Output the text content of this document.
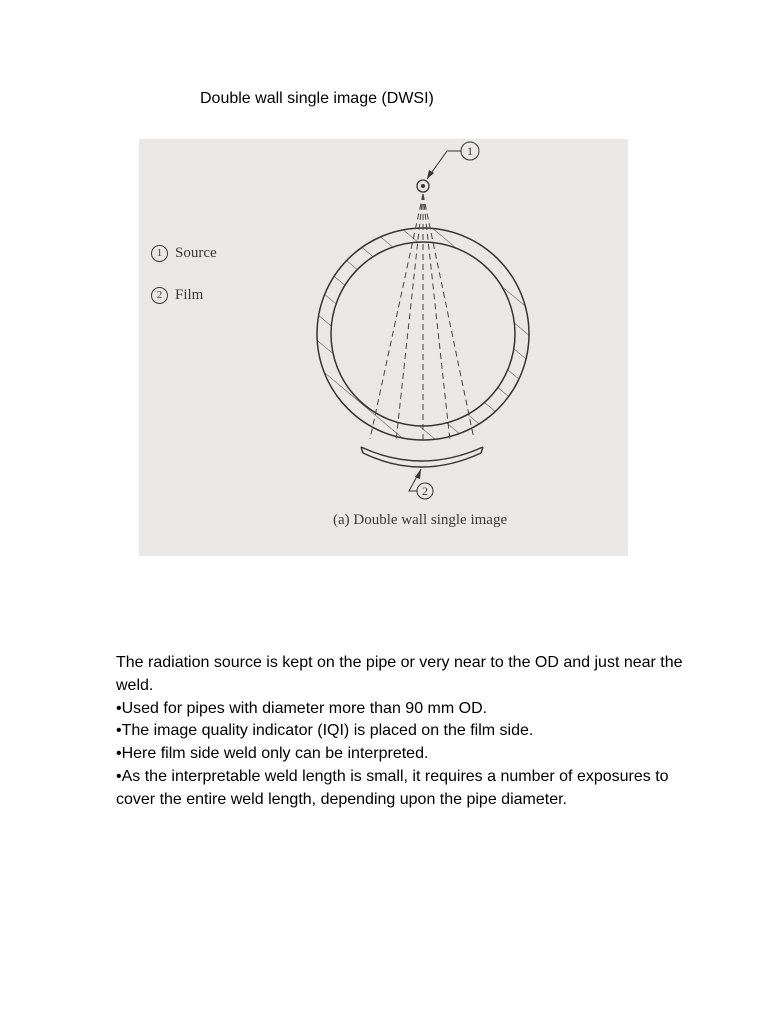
Double wall single image (DWSI)
1
2
1 Source
2 Film
(a) Double wall single image

The radiation source is kept on the pipe or very near to the OD and just near the weld.

•Used for pipes with diameter more than 90 mm OD.

•The image quality indicator (IQI) is placed on the film side.

•Here film side weld only can be interpreted.

•As the interpretable weld length is small, it requires a number of exposures to cover the entire weld length, depending upon the pipe diameter.
